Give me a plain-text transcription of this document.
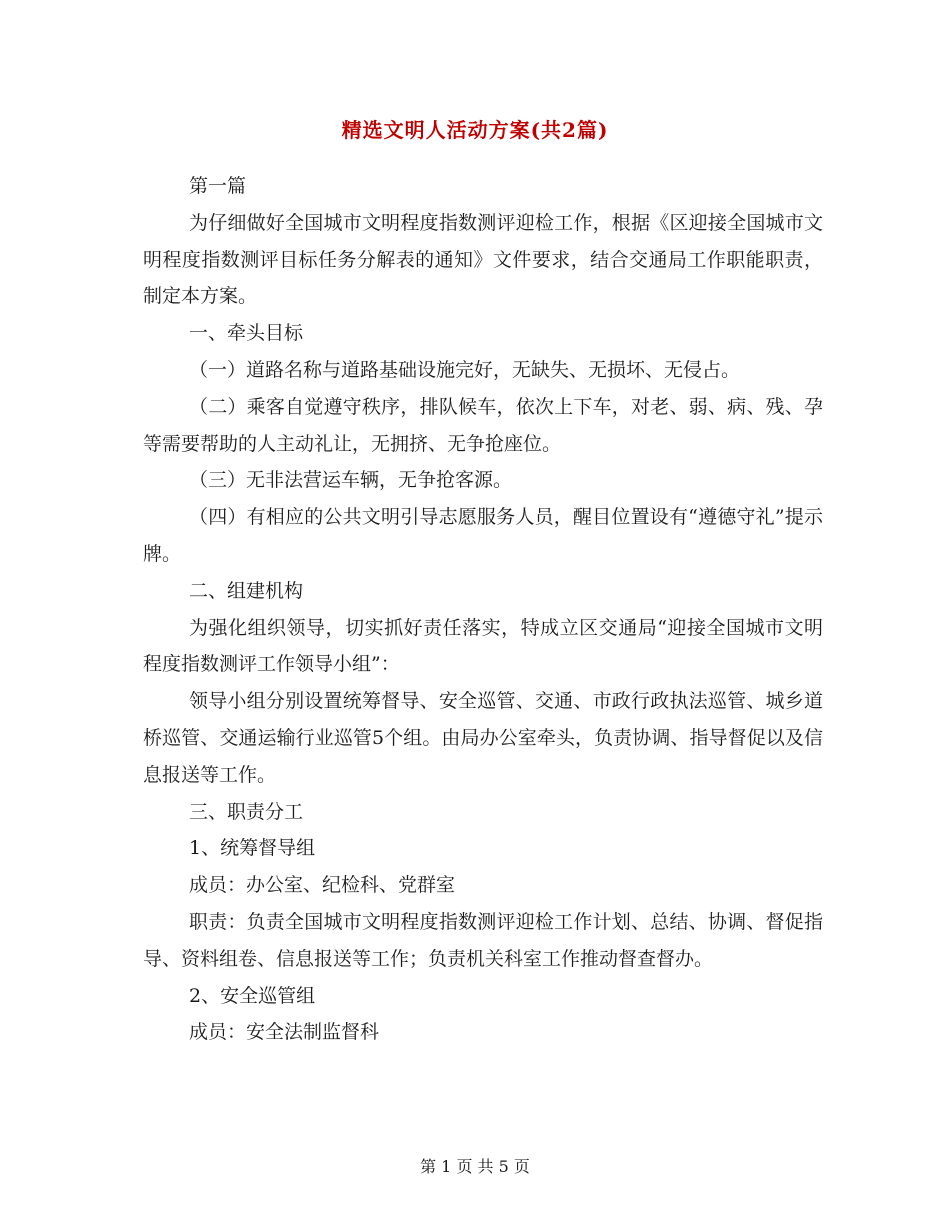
精选文明人活动方案(共2篇)

第一篇

为仔细做好全国城市文明程度指数测评迎检工作，根据《区迎接全国城市文明程度指数测评目标任务分解表的通知》文件要求，结合交通局工作职能职责，制定本方案。

一、牵头目标

（一）道路名称与道路基础设施完好，无缺失、无损坏、无侵占。

（二）乘客自觉遵守秩序，排队候车，依次上下车，对老、弱、病、残、孕等需要帮助的人主动礼让，无拥挤、无争抢座位。

（三）无非法营运车辆，无争抢客源。

（四）有相应的公共文明引导志愿服务人员，醒目位置设有“遵德守礼”提示牌。

二、组建机构

为强化组织领导，切实抓好责任落实，特成立区交通局“迎接全国城市文明程度指数测评工作领导小组”：

领导小组分别设置统筹督导、安全巡管、交通、市政行政执法巡管、城乡道桥巡管、交通运输行业巡管5个组。由局办公室牵头，负责协调、指导督促以及信息报送等工作。

三、职责分工

1、统筹督导组

成员：办公室、纪检科、党群室

职责：负责全国城市文明程度指数测评迎检工作计划、总结、协调、督促指导、资料组卷、信息报送等工作；负责机关科室工作推动督查督办。

2、安全巡管组

成员：安全法制监督科

第 1 页 共 5 页
